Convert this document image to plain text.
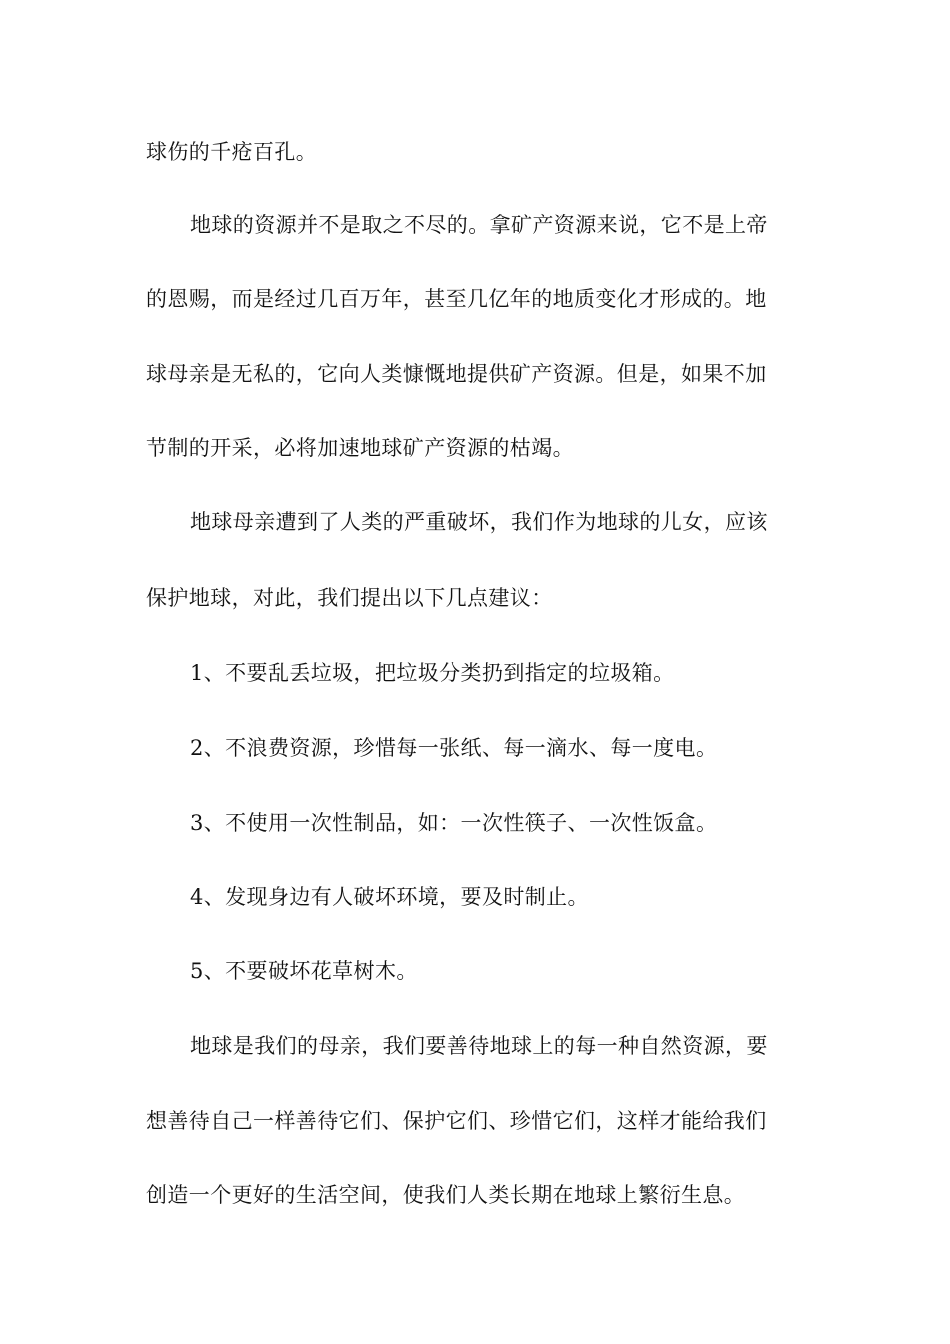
球伤的千疮百孔。
地球的资源并不是取之不尽的。拿矿产资源来说，它不是上帝
的恩赐，而是经过几百万年，甚至几亿年的地质变化才形成的。地
球母亲是无私的，它向人类慷慨地提供矿产资源。但是，如果不加
节制的开采，必将加速地球矿产资源的枯竭。
地球母亲遭到了人类的严重破坏，我们作为地球的儿女，应该
保护地球，对此，我们提出以下几点建议：
1、不要乱丢垃圾，把垃圾分类扔到指定的垃圾箱。
2、不浪费资源，珍惜每一张纸、每一滴水、每一度电。
3、不使用一次性制品，如：一次性筷子、一次性饭盒。
4、发现身边有人破坏环境，要及时制止。
5、不要破坏花草树木。
地球是我们的母亲，我们要善待地球上的每一种自然资源，要
想善待自己一样善待它们、保护它们、珍惜它们，这样才能给我们
创造一个更好的生活空间，使我们人类长期在地球上繁衍生息。
